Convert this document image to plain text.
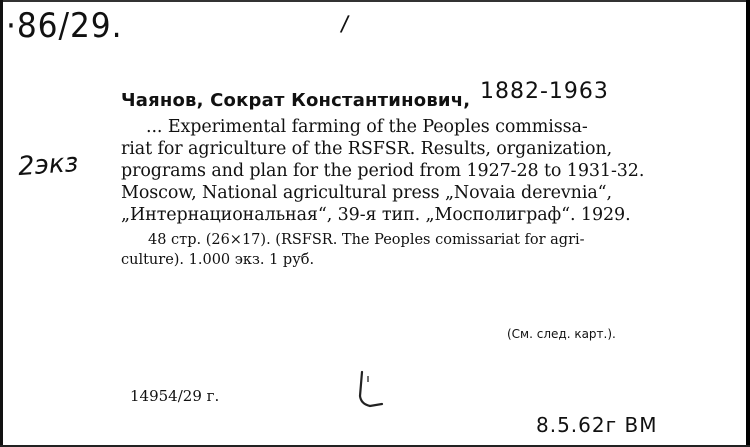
·86/29.	/
2экз
Чаянов, Сократ Константинович, 1882-1963
... Experimental farming of the Peoples commissa-
riat for agriculture of the RSFSR. Results, organization,
programs and plan for the period from 1927-28 to 1931-32.
Moscow, National agricultural press „Novaia derevnia“,
„Интернациональная“, 39-я тип. „Мосполиграф“. 1929.
48 стр. (26×17). (RSFSR. The Peoples comissariat for agri-
culture). 1.000 экз. 1 руб.
(См. след. карт.).
14954/29 г.
8.5.62г ВМ
